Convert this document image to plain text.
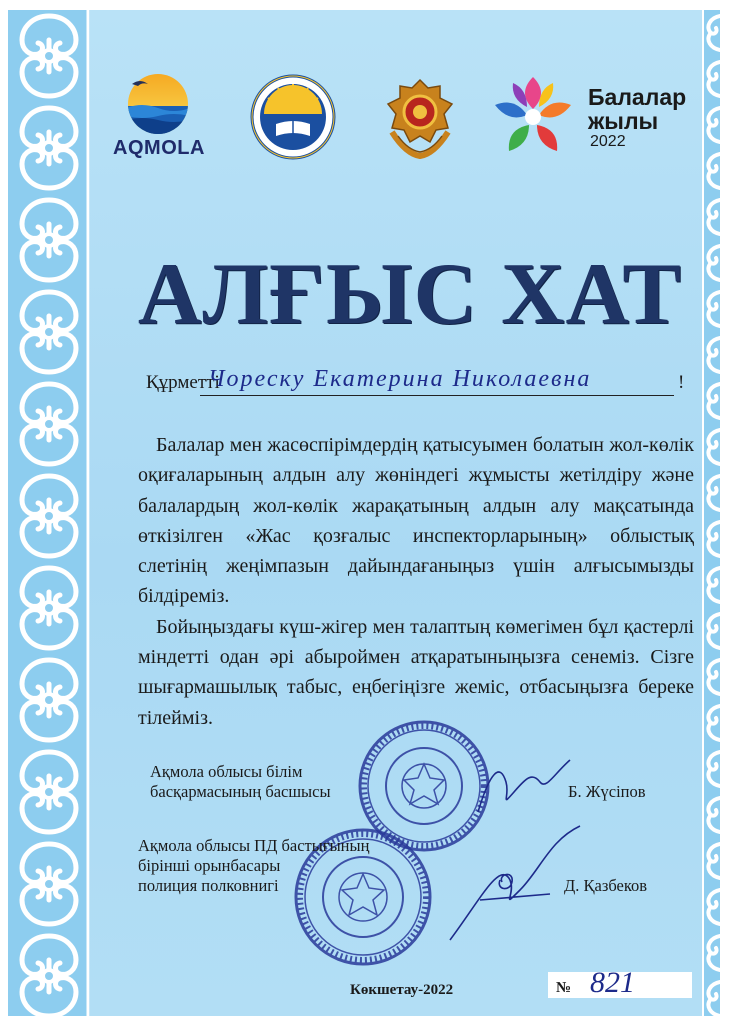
AQMOLA
Балалар
жылы
2022
АЛҒЫС ХАТ
Құрметті
Чореску Екатерина Николаевна	!

Балалар мен жасөспірімдердің қатысуымен болатын жол-көлік оқиғаларының алдын алу жөніндегі жұмысты жетілдіру және балалардың жол-көлік жарақатының алдын алу мақсатында өткізілген «Жас қозғалыс инспекторларының» облыстық слетінің жеңімпазын дайындағаныңыз үшін алғысымызды білдіреміз.

Бойыңыздағы күш-жігер мен талаптың көмегімен бұл қастерлі міндетті одан әрі абыроймен атқаратыныңызға сенеміз. Сізге шығармашылық табыс, еңбегіңізге жеміс, отбасыңызға береке тілейміз.

Ақмола облысы білім
басқармасының басшысы	Б. Жүсіпов
Ақмола облысы ПД бастығының
бірінші орынбасары
полиция полковнигі	Д. Қазбеков
Көкшетау-2022	№ 821
